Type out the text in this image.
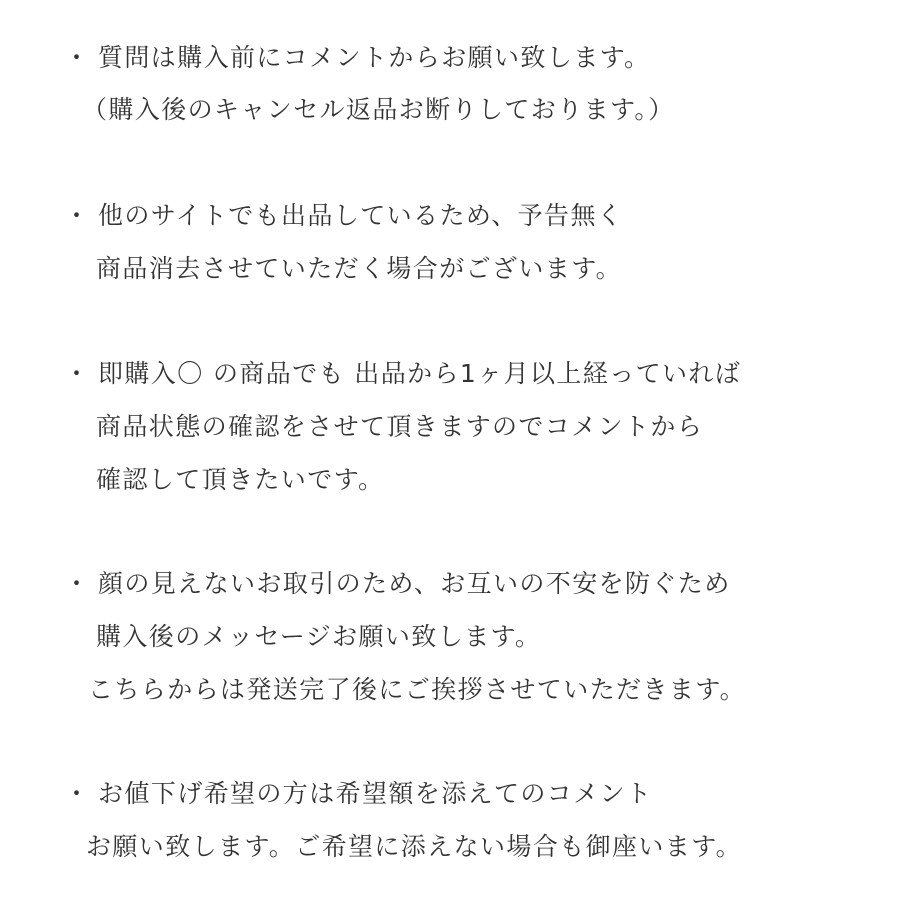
・ 質問は購入前にコメントからお願い致します。
（購入後のキャンセル返品お断りしております。）
・ 他のサイトでも出品しているため、予告無く
商品消去させていただく場合がございます。
・ 即購入〇 の商品でも 出品から1ヶ月以上経っていれば
商品状態の確認をさせて頂きますのでコメントから
確認して頂きたいです。
・ 顔の見えないお取引のため、お互いの不安を防ぐため
購入後のメッセージお願い致します。
こちらからは発送完了後にご挨拶させていただきます。
・ お値下げ希望の方は希望額を添えてのコメント
お願い致します。ご希望に添えない場合も御座います。
